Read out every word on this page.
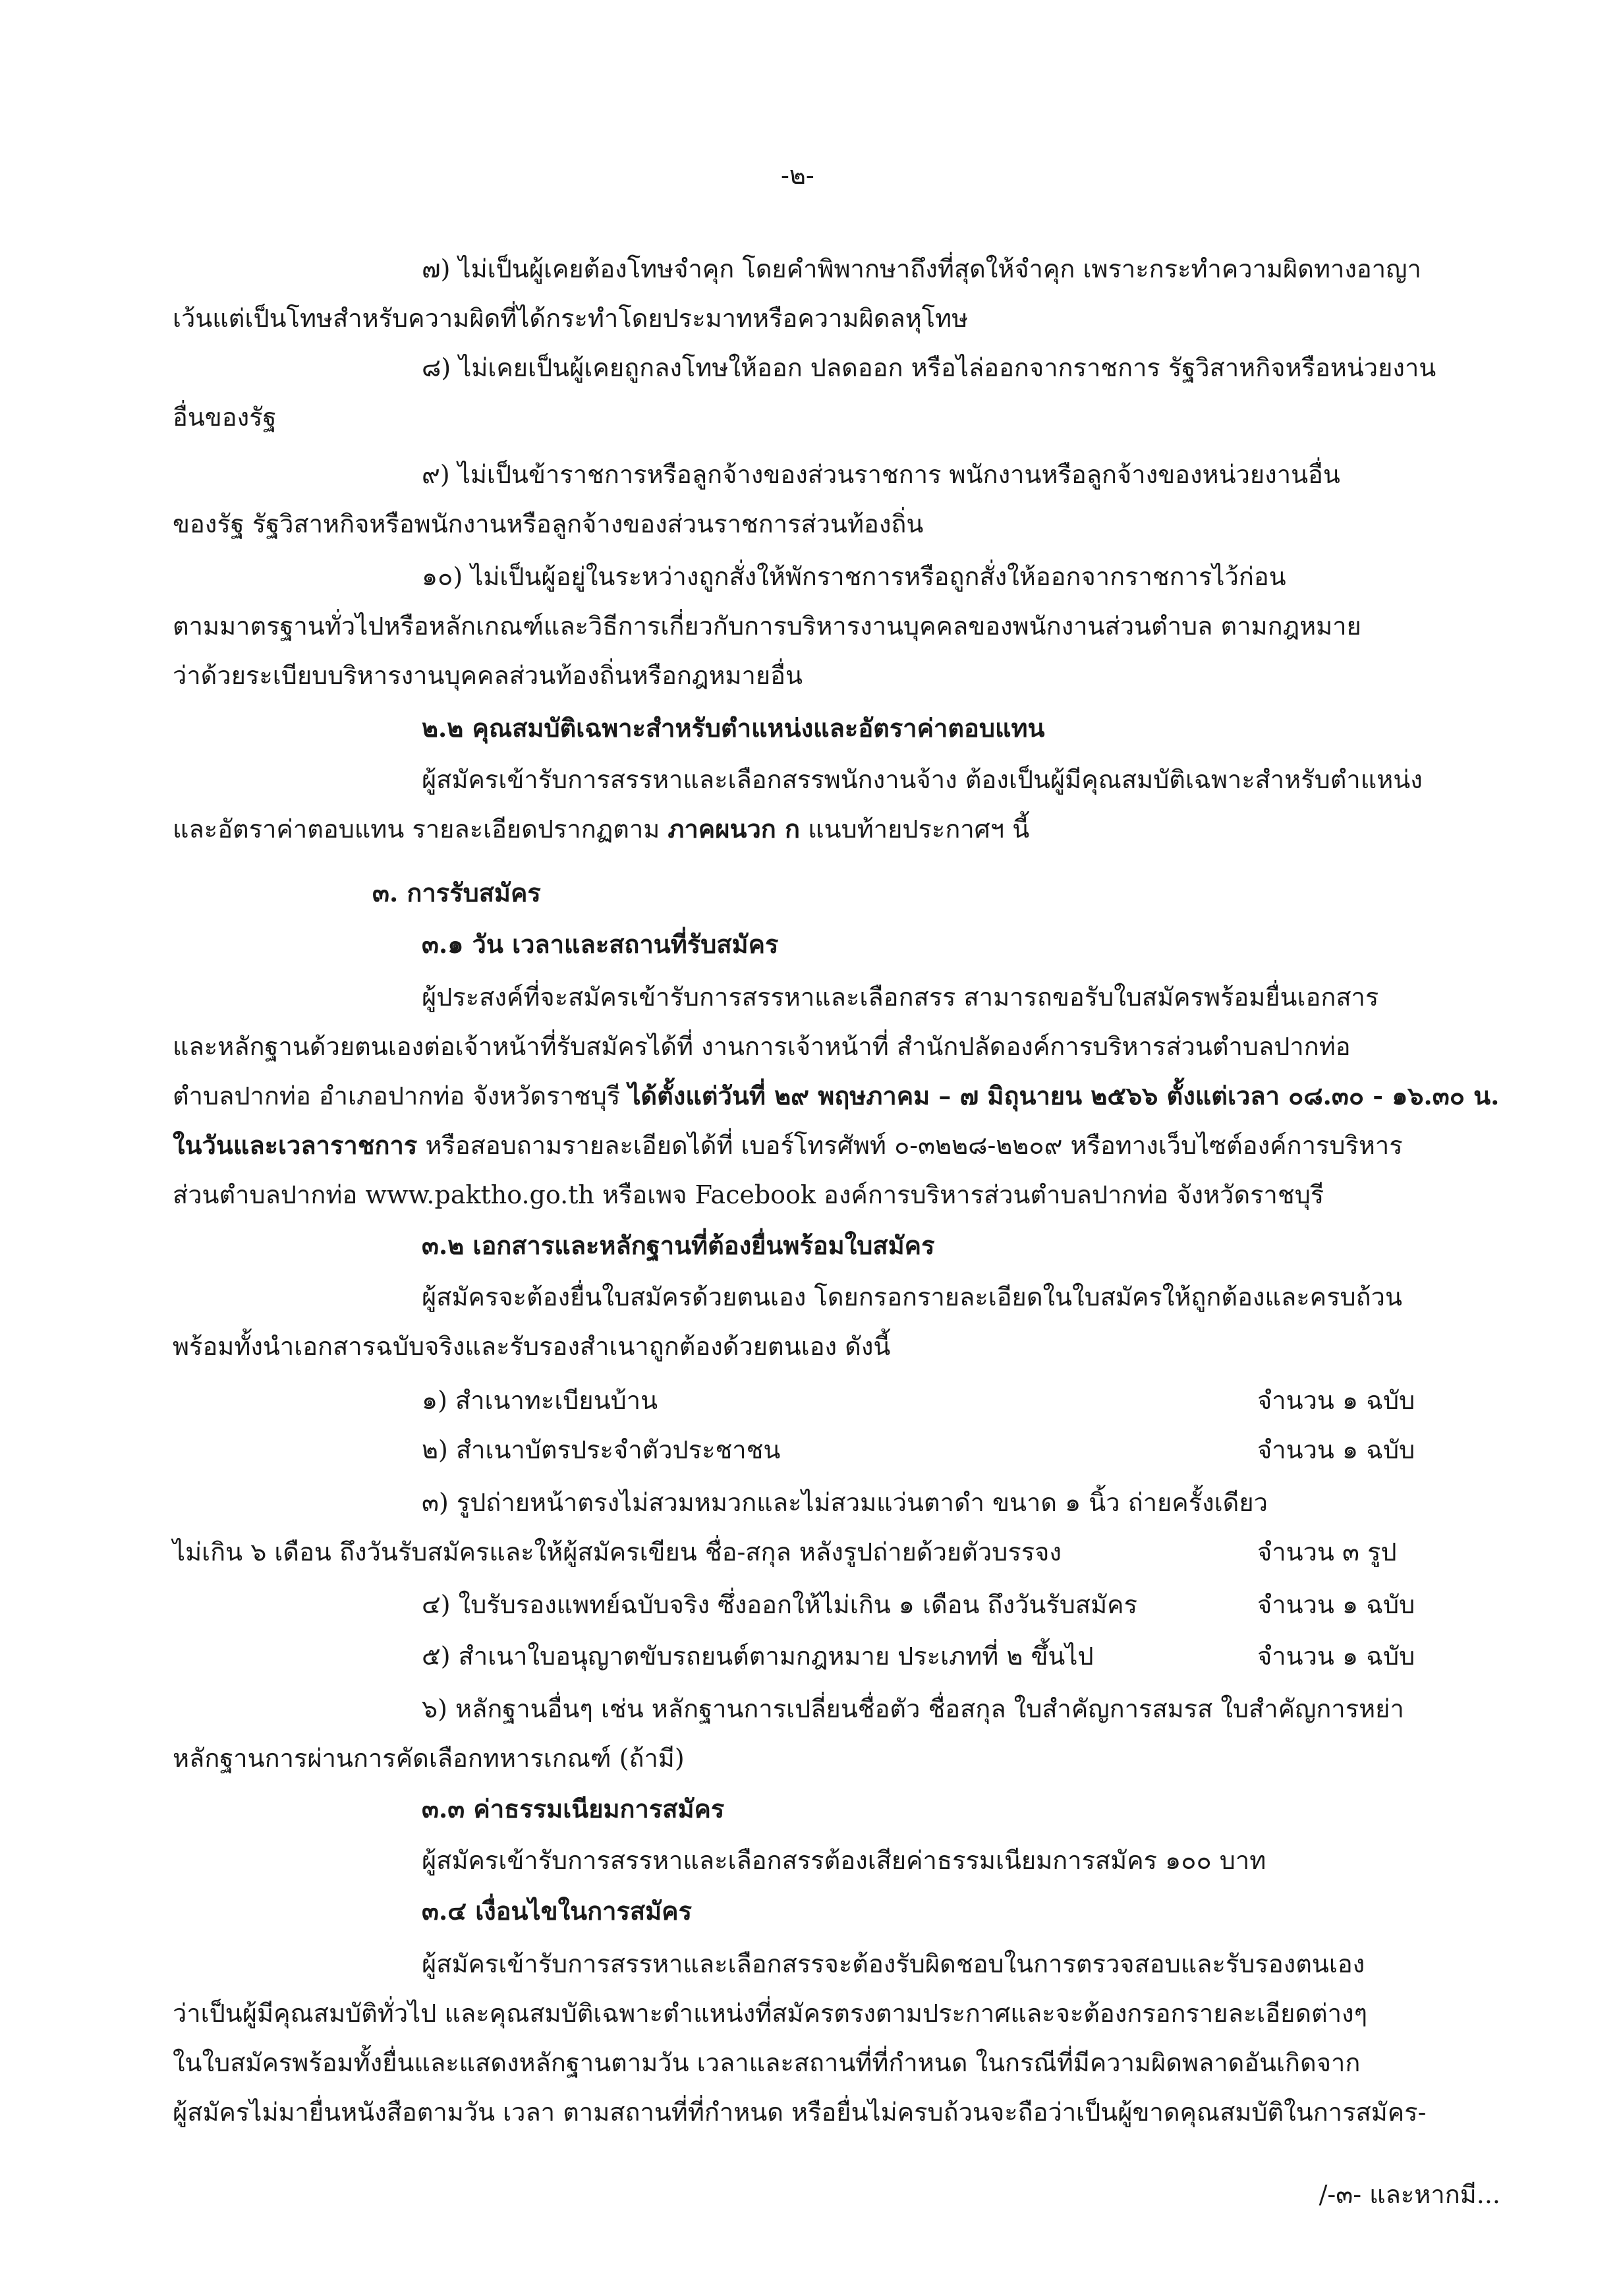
-๒-
๗) ไม่เป็นผู้เคยต้องโทษจำคุก โดยคำพิพากษาถึงที่สุดให้จำคุก เพราะกระทำความผิดทางอาญา
เว้นแต่เป็นโทษสำหรับความผิดที่ได้กระทำโดยประมาทหรือความผิดลหุโทษ
๘) ไม่เคยเป็นผู้เคยถูกลงโทษให้ออก ปลดออก หรือไล่ออกจากราชการ รัฐวิสาหกิจหรือหน่วยงาน
อื่นของรัฐ
๙) ไม่เป็นข้าราชการหรือลูกจ้างของส่วนราชการ พนักงานหรือลูกจ้างของหน่วยงานอื่น
ของรัฐ รัฐวิสาหกิจหรือพนักงานหรือลูกจ้างของส่วนราชการส่วนท้องถิ่น
๑๐) ไม่เป็นผู้อยู่ในระหว่างถูกสั่งให้พักราชการหรือถูกสั่งให้ออกจากราชการไว้ก่อน
ตามมาตรฐานทั่วไปหรือหลักเกณฑ์และวิธีการเกี่ยวกับการบริหารงานบุคคลของพนักงานส่วนตำบล ตามกฎหมาย
ว่าด้วยระเบียบบริหารงานบุคคลส่วนท้องถิ่นหรือกฎหมายอื่น
๒.๒ คุณสมบัติเฉพาะสำหรับตำแหน่งและอัตราค่าตอบแทน
ผู้สมัครเข้ารับการสรรหาและเลือกสรรพนักงานจ้าง ต้องเป็นผู้มีคุณสมบัติเฉพาะสำหรับตำแหน่ง
และอัตราค่าตอบแทน รายละเอียดปรากฏตาม ภาคผนวก ก แนบท้ายประกาศฯ นี้
๓. การรับสมัคร
๓.๑ วัน เวลาและสถานที่รับสมัคร
ผู้ประสงค์ที่จะสมัครเข้ารับการสรรหาและเลือกสรร สามารถขอรับใบสมัครพร้อมยื่นเอกสาร
และหลักฐานด้วยตนเองต่อเจ้าหน้าที่รับสมัครได้ที่ งานการเจ้าหน้าที่ สำนักปลัดองค์การบริหารส่วนตำบลปากท่อ
ตำบลปากท่อ อำเภอปากท่อ จังหวัดราชบุรี ได้ตั้งแต่วันที่ ๒๙ พฤษภาคม – ๗ มิถุนายน ๒๕๖๖ ตั้งแต่เวลา ๐๘.๓๐ - ๑๖.๓๐ น.
ในวันและเวลาราชการ หรือสอบถามรายละเอียดได้ที่ เบอร์โทรศัพท์ ๐-๓๒๒๘-๒๒๐๙ หรือทางเว็บไซต์องค์การบริหาร
ส่วนตำบลปากท่อ www.paktho.go.th หรือเพจ Facebook องค์การบริหารส่วนตำบลปากท่อ จังหวัดราชบุรี
๓.๒ เอกสารและหลักฐานที่ต้องยื่นพร้อมใบสมัคร
ผู้สมัครจะต้องยื่นใบสมัครด้วยตนเอง โดยกรอกรายละเอียดในใบสมัครให้ถูกต้องและครบถ้วน
พร้อมทั้งนำเอกสารฉบับจริงและรับรองสำเนาถูกต้องด้วยตนเอง ดังนี้
๑) สำเนาทะเบียนบ้าน	จำนวน ๑ ฉบับ
๒) สำเนาบัตรประจำตัวประชาชน	จำนวน ๑ ฉบับ
๓) รูปถ่ายหน้าตรงไม่สวมหมวกและไม่สวมแว่นตาดำ ขนาด ๑ นิ้ว ถ่ายครั้งเดียว
ไม่เกิน ๖ เดือน ถึงวันรับสมัครและให้ผู้สมัครเขียน ชื่อ-สกุล หลังรูปถ่ายด้วยตัวบรรจง	จำนวน ๓ รูป
๔) ใบรับรองแพทย์ฉบับจริง ซึ่งออกให้ไม่เกิน ๑ เดือน ถึงวันรับสมัคร	จำนวน ๑ ฉบับ
๕) สำเนาใบอนุญาตขับรถยนต์ตามกฎหมาย ประเภทที่ ๒ ขึ้นไป	จำนวน ๑ ฉบับ
๖) หลักฐานอื่นๆ เช่น หลักฐานการเปลี่ยนชื่อตัว ชื่อสกุล ใบสำคัญการสมรส ใบสำคัญการหย่า
หลักฐานการผ่านการคัดเลือกทหารเกณฑ์ (ถ้ามี)
๓.๓ ค่าธรรมเนียมการสมัคร
ผู้สมัครเข้ารับการสรรหาและเลือกสรรต้องเสียค่าธรรมเนียมการสมัคร ๑๐๐ บาท
๓.๔ เงื่อนไขในการสมัคร
ผู้สมัครเข้ารับการสรรหาและเลือกสรรจะต้องรับผิดชอบในการตรวจสอบและรับรองตนเอง
ว่าเป็นผู้มีคุณสมบัติทั่วไป และคุณสมบัติเฉพาะตำแหน่งที่สมัครตรงตามประกาศและจะต้องกรอกรายละเอียดต่างๆ
ในใบสมัครพร้อมทั้งยื่นและแสดงหลักฐานตามวัน เวลาและสถานที่ที่กำหนด ในกรณีที่มีความผิดพลาดอันเกิดจาก
ผู้สมัครไม่มายื่นหนังสือตามวัน เวลา ตามสถานที่ที่กำหนด หรือยื่นไม่ครบถ้วนจะถือว่าเป็นผู้ขาดคุณสมบัติในการสมัคร-
/-๓- และหากมี...
